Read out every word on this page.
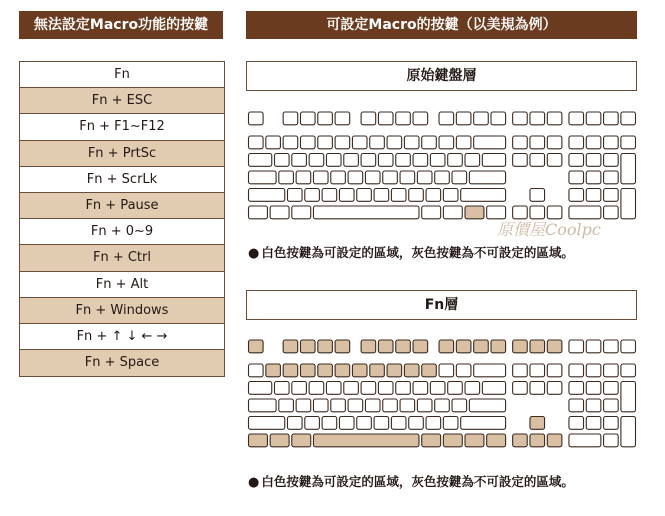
無法設定Macro功能的按鍵	可設定Macro的按鍵（以美規為例）
Fn
Fn + ESC
Fn + F1~F12
Fn + PrtSc
Fn + ScrLk
Fn + Pause
Fn + 0~9
Fn + Ctrl
Fn + Alt
Fn + Windows
Fn + ↑ ↓ ← →
Fn + Space
原始鍵盤層
● 白色按鍵為可設定的區域，灰色按鍵為不可設定的區域。
原價屋Coolpc
Fn層
● 白色按鍵為可設定的區域，灰色按鍵為不可設定的區域。
